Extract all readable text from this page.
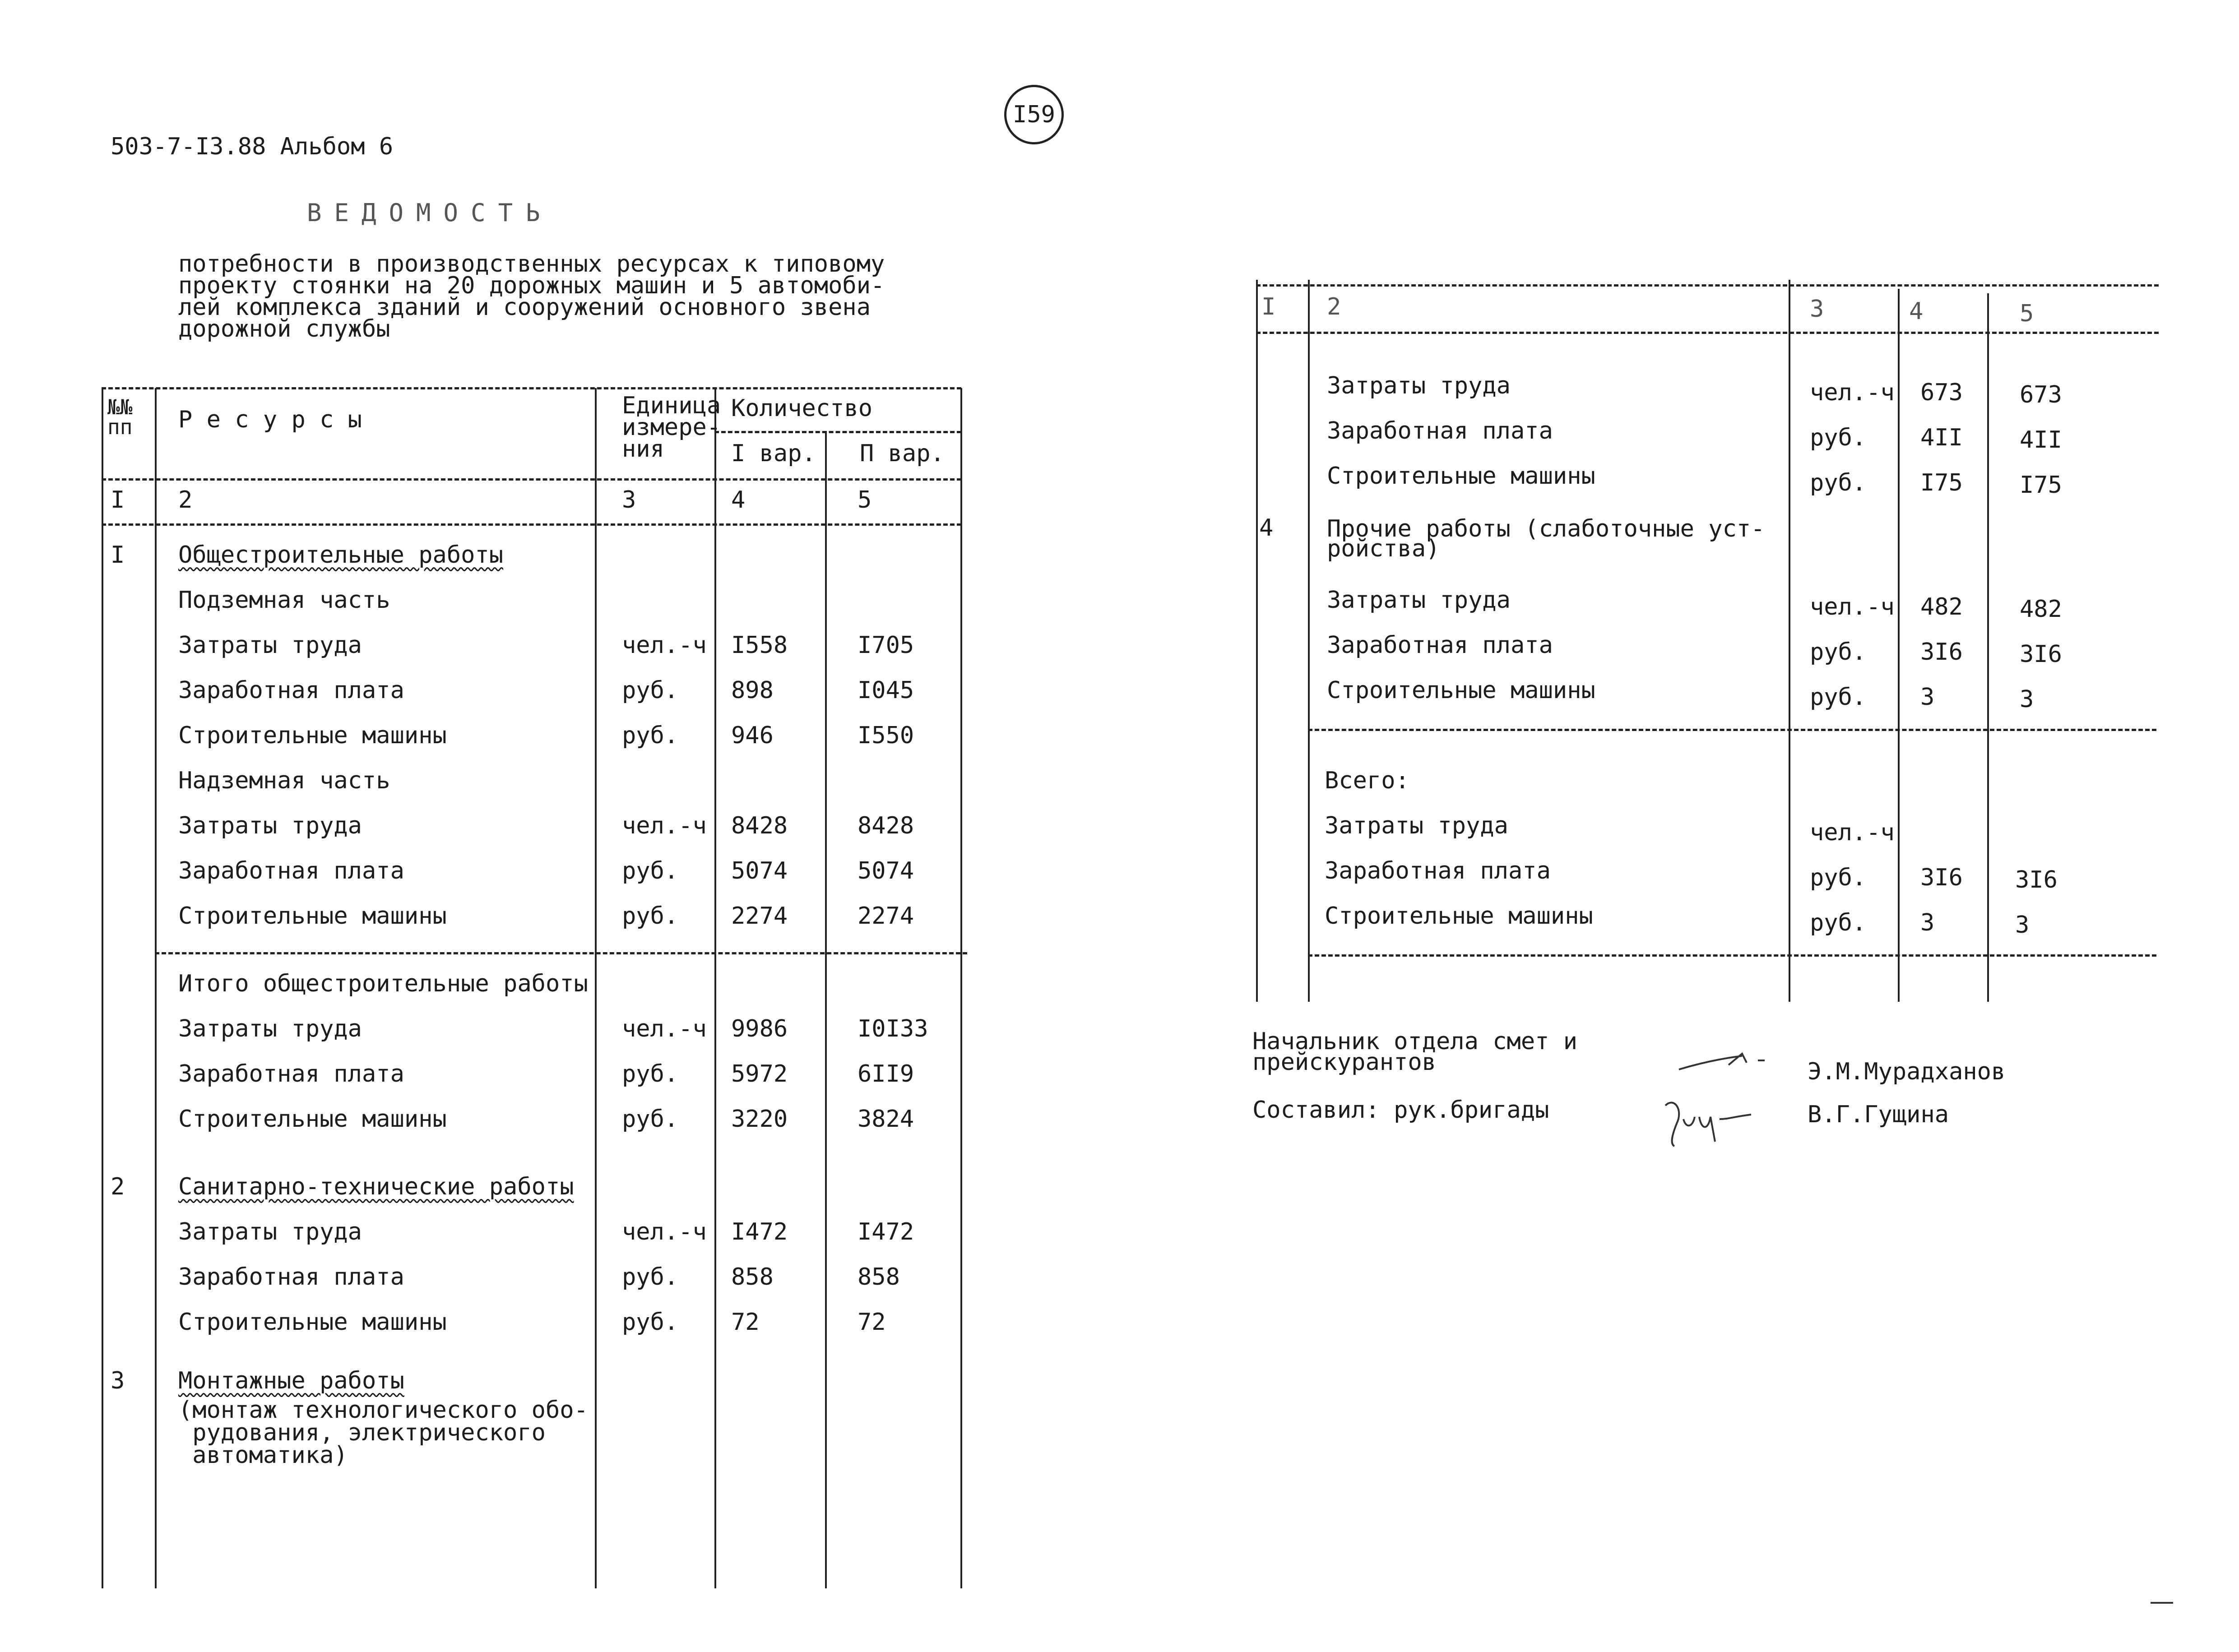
503-7-I3.88 Альбом 6
I59
ВЕДОМОСТЬ
потребности в производственных ресурсах к типовому
проекту стоянки на 20 дорожных машин и 5 автомоби-
лей комплекса зданий и сооружений основного звена
дорожной службы
№№ пп	Р е с у р с ы
Единица измере- ния
Количество
I вар. П вар.
I 2	3	4	5
I Общестроительные работы
Подземная часть
Затраты труда	чел.-ч I558	I705
Заработная плата	руб. 898	I045
Строительные машины	руб. 946	I550
Надземная часть
Затраты труда	чел.-ч 8428	8428
Заработная плата	руб. 5074	5074
Строительные машины	руб. 2274	2274
Итого общестроительные работы
Затраты труда	чел.-ч 9986	I0I33
Заработная плата	руб. 5972	6II9
Строительные машины	руб. 3220	3824
2 Санитарно-технические работы
Затраты труда	чел.-ч I472	I472
Заработная плата	руб. 858	858
Строительные машины	руб. 72	72
3 Монтажные работы
(монтаж технологического обо-
рудования, электрического
автоматика)
I 2	3	4	5
Затраты труда	чел.-ч 673 673
Заработная плата	руб. 4II 4II
Строительные машины	руб. I75 I75
4 Прочие работы (слаботочные уст-
ройства)
Затраты труда	чел.-ч 482 482
Заработная плата	руб. 3I6 3I6
Строительные машины	руб. 3	3
Всего:
Затраты труда	чел.-ч
Заработная плата	руб. 3I6 3I6
Строительные машины	руб. 3	3
Начальник отдела смет и
прейскурантов	Э.М.Мурадханов
Составил: рук.бригады	В.Г.Гущина
